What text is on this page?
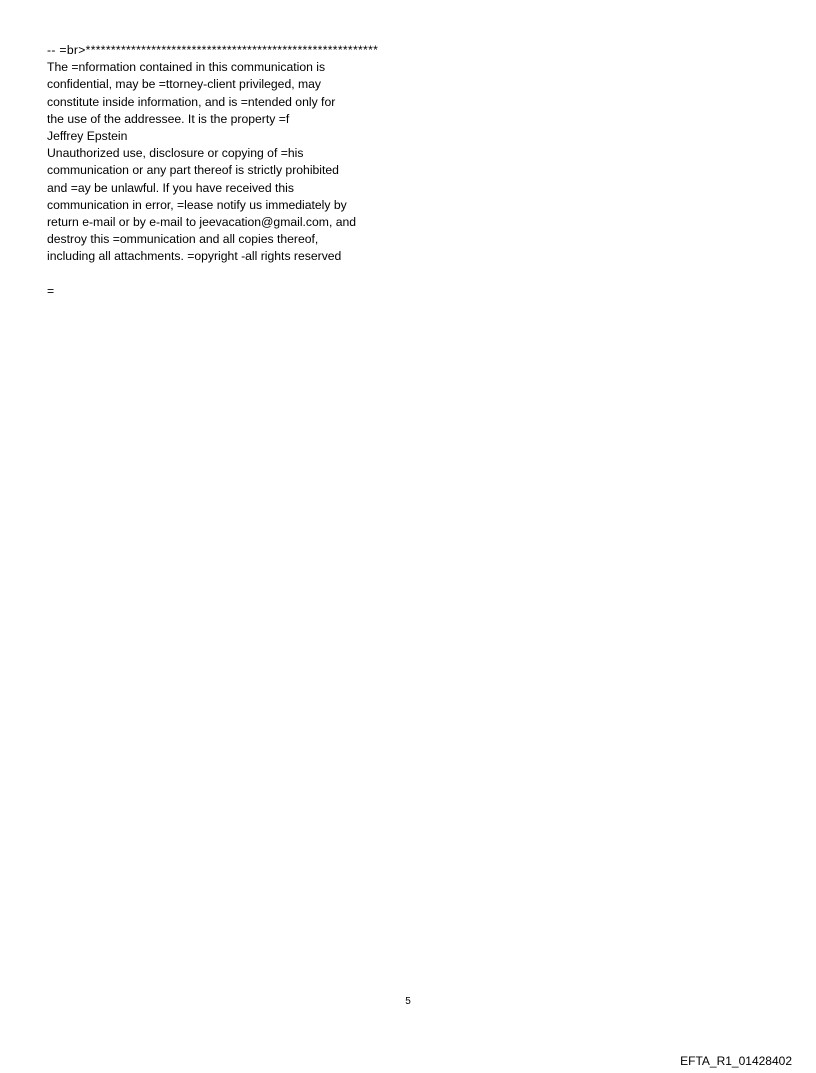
-- =br>**********************************************************
The =nformation contained in this communication is
confidential, may be =ttorney-client privileged, may
constitute inside information, and is =ntended only for
the use of the addressee. It is the property =f
Jeffrey Epstein
Unauthorized use, disclosure or copying of =his
communication or any part thereof is strictly prohibited
and =ay be unlawful. If you have received this
communication in error, =lease notify us immediately by
return e-mail or by e-mail to jeevacation@gmail.com, and
destroy this =ommunication and all copies thereof,
including all attachments. =opyright -all rights reserved
=
5
EFTA_R1_01428402
